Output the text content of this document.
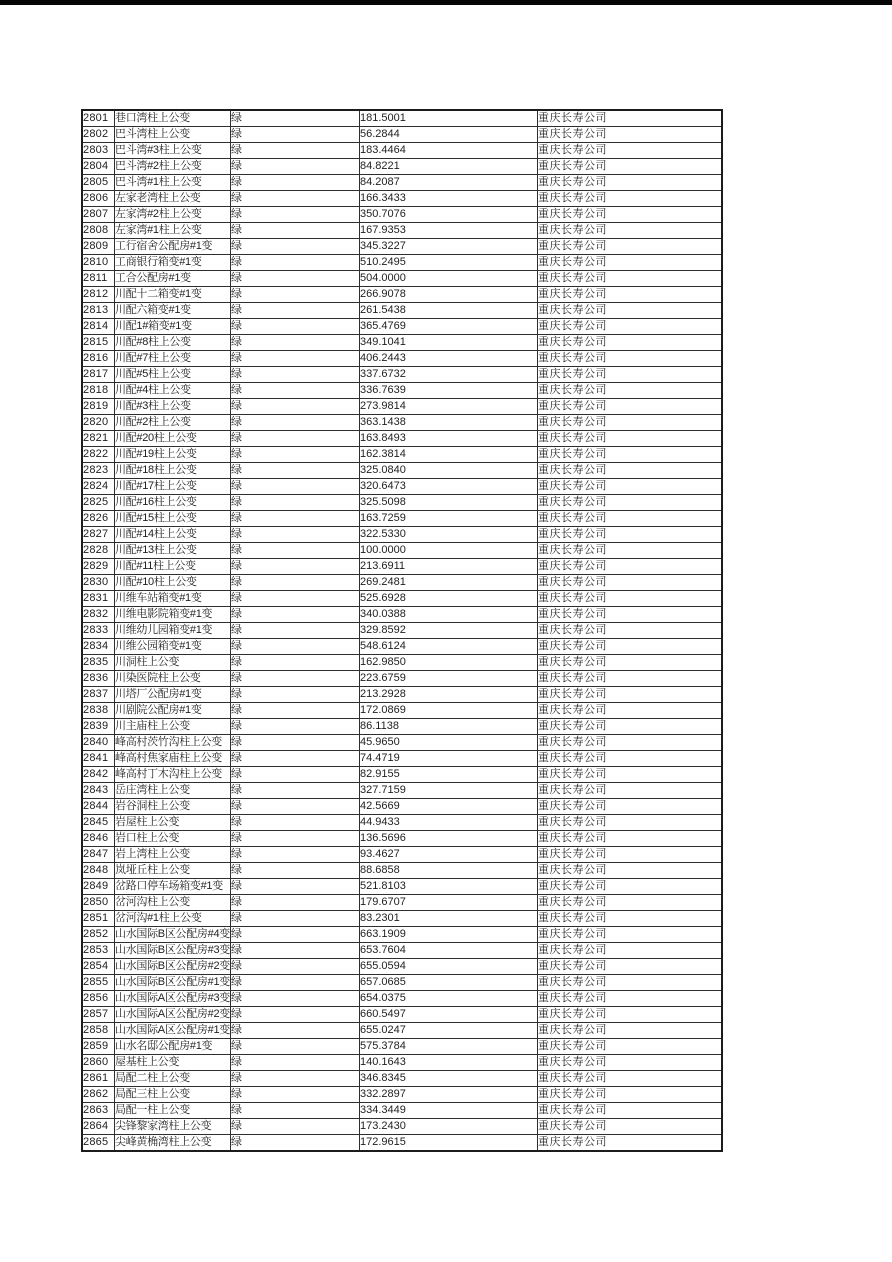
2801	巷口湾柱上公变	绿	181.5001	重庆长寿公司
2802	巴斗湾柱上公变	绿	56.2844	重庆长寿公司
2803	巴斗湾#3柱上公变	绿	183.4464	重庆长寿公司
2804	巴斗湾#2柱上公变	绿	84.8221	重庆长寿公司
2805	巴斗湾#1柱上公变	绿	84.2087	重庆长寿公司
2806	左家老湾柱上公变	绿	166.3433	重庆长寿公司
2807	左家湾#2柱上公变	绿	350.7076	重庆长寿公司
2808	左家湾#1柱上公变	绿	167.9353	重庆长寿公司
2809	工行宿舍公配房#1变	绿	345.3227	重庆长寿公司
2810	工商银行箱变#1变	绿	510.2495	重庆长寿公司
2811	工合公配房#1变	绿	504.0000	重庆长寿公司
2812	川配十二箱变#1变	绿	266.9078	重庆长寿公司
2813	川配六箱变#1变	绿	261.5438	重庆长寿公司
2814	川配1#箱变#1变	绿	365.4769	重庆长寿公司
2815	川配#8柱上公变	绿	349.1041	重庆长寿公司
2816	川配#7柱上公变	绿	406.2443	重庆长寿公司
2817	川配#5柱上公变	绿	337.6732	重庆长寿公司
2818	川配#4柱上公变	绿	336.7639	重庆长寿公司
2819	川配#3柱上公变	绿	273.9814	重庆长寿公司
2820	川配#2柱上公变	绿	363.1438	重庆长寿公司
2821	川配#20柱上公变	绿	163.8493	重庆长寿公司
2822	川配#19柱上公变	绿	162.3814	重庆长寿公司
2823	川配#18柱上公变	绿	325.0840	重庆长寿公司
2824	川配#17柱上公变	绿	320.6473	重庆长寿公司
2825	川配#16柱上公变	绿	325.5098	重庆长寿公司
2826	川配#15柱上公变	绿	163.7259	重庆长寿公司
2827	川配#14柱上公变	绿	322.5330	重庆长寿公司
2828	川配#13柱上公变	绿	100.0000	重庆长寿公司
2829	川配#11柱上公变	绿	213.6911	重庆长寿公司
2830	川配#10柱上公变	绿	269.2481	重庆长寿公司
2831	川维车站箱变#1变	绿	525.6928	重庆长寿公司
2832	川维电影院箱变#1变	绿	340.0388	重庆长寿公司
2833	川维幼儿园箱变#1变	绿	329.8592	重庆长寿公司
2834	川维公园箱变#1变	绿	548.6124	重庆长寿公司
2835	川洞柱上公变	绿	162.9850	重庆长寿公司
2836	川染医院柱上公变	绿	223.6759	重庆长寿公司
2837	川塔厂公配房#1变	绿	213.2928	重庆长寿公司
2838	川剧院公配房#1变	绿	172.0869	重庆长寿公司
2839	川主庙柱上公变	绿	86.1138	重庆长寿公司
2840	峰高村茨竹沟柱上公变	绿	45.9650	重庆长寿公司
2841	峰高村焦家庙柱上公变	绿	74.4719	重庆长寿公司
2842	峰高村丁木沟柱上公变	绿	82.9155	重庆长寿公司
2843	岳庄湾柱上公变	绿	327.7159	重庆长寿公司
2844	岩谷洞柱上公变	绿	42.5669	重庆长寿公司
2845	岩屋柱上公变	绿	44.9433	重庆长寿公司
2846	岩口柱上公变	绿	136.5696	重庆长寿公司
2847	岩上湾柱上公变	绿	93.4627	重庆长寿公司
2848	岚垭丘柱上公变	绿	88.6858	重庆长寿公司
2849	岔路口停车场箱变#1变	绿	521.8103	重庆长寿公司
2850	岔河沟柱上公变	绿	179.6707	重庆长寿公司
2851	岔河沟#1柱上公变	绿	83.2301	重庆长寿公司
2852	山水国际B区公配房#4变	绿	663.1909	重庆长寿公司
2853	山水国际B区公配房#3变	绿	653.7604	重庆长寿公司
2854	山水国际B区公配房#2变	绿	655.0594	重庆长寿公司
2855	山水国际B区公配房#1变	绿	657.0685	重庆长寿公司
2856	山水国际A区公配房#3变	绿	654.0375	重庆长寿公司
2857	山水国际A区公配房#2变	绿	660.5497	重庆长寿公司
2858	山水国际A区公配房#1变	绿	655.0247	重庆长寿公司
2859	山水名邸公配房#1变	绿	575.3784	重庆长寿公司
2860	屋基柱上公变	绿	140.1643	重庆长寿公司
2861	局配二柱上公变	绿	346.8345	重庆长寿公司
2862	局配三柱上公变	绿	332.2897	重庆长寿公司
2863	局配一柱上公变	绿	334.3449	重庆长寿公司
2864	尖锋黎家湾柱上公变	绿	173.2430	重庆长寿公司
2865	尖峰黄桷湾柱上公变	绿	172.9615	重庆长寿公司
